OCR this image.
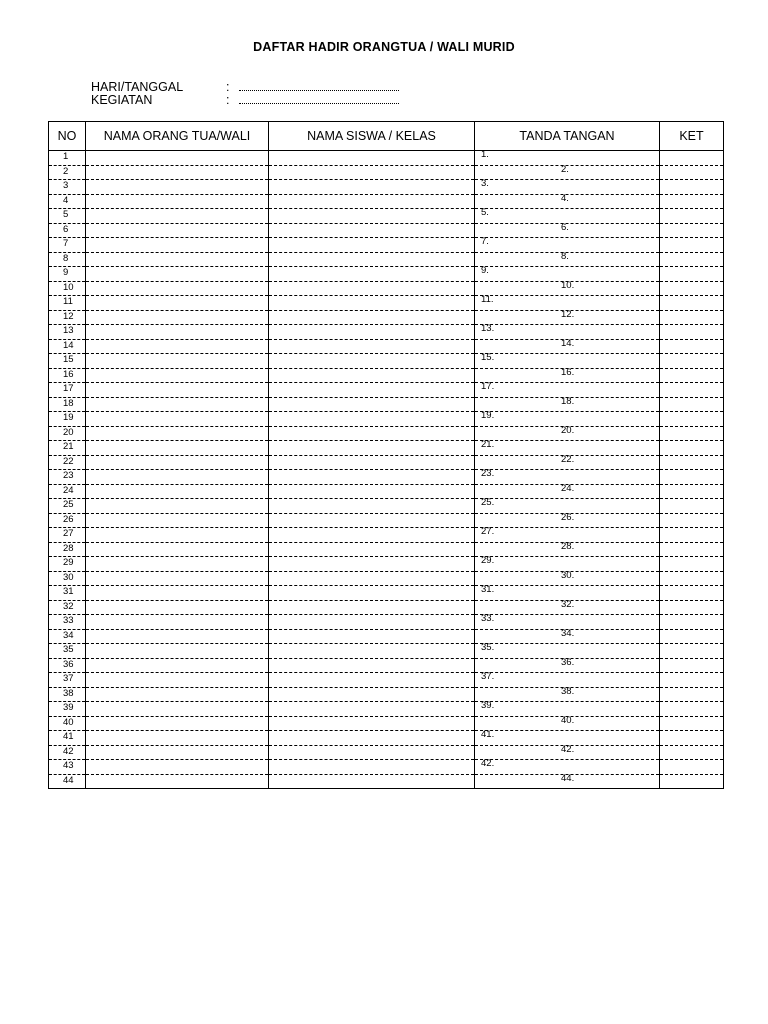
DAFTAR HADIR ORANGTUA / WALI MURID
HARI/TANGGAL	:
KEGIATAN	:
NO	NAMA ORANG TUA/WALI	NAMA SISWA / KELAS	TANDA TANGAN	KET
1			1.	

2			2.	

3			3.	

4			4.	

5			5.	

6			6.	

7			7.	

8			8.	

9			9.	

10			10.	

11			11.	

12			12.	

13			13.	

14			14.	

15			15.	

16			16.	

17			17.	

18			18.	

19			19.	

20			20.	

21			21.	

22			22.	

23			23.	

24			24.	

25			25.	

26			26.	

27			27.	

28			28.	

29			29.	

30			30.	

31			31.	

32			32.	

33			33.	

34			34.	

35			35.	

36			36.	

37			37.	

38			38.	

39			39.	

40			40.	

41			41.	

42			42.	

43			42.	

44			44.	
